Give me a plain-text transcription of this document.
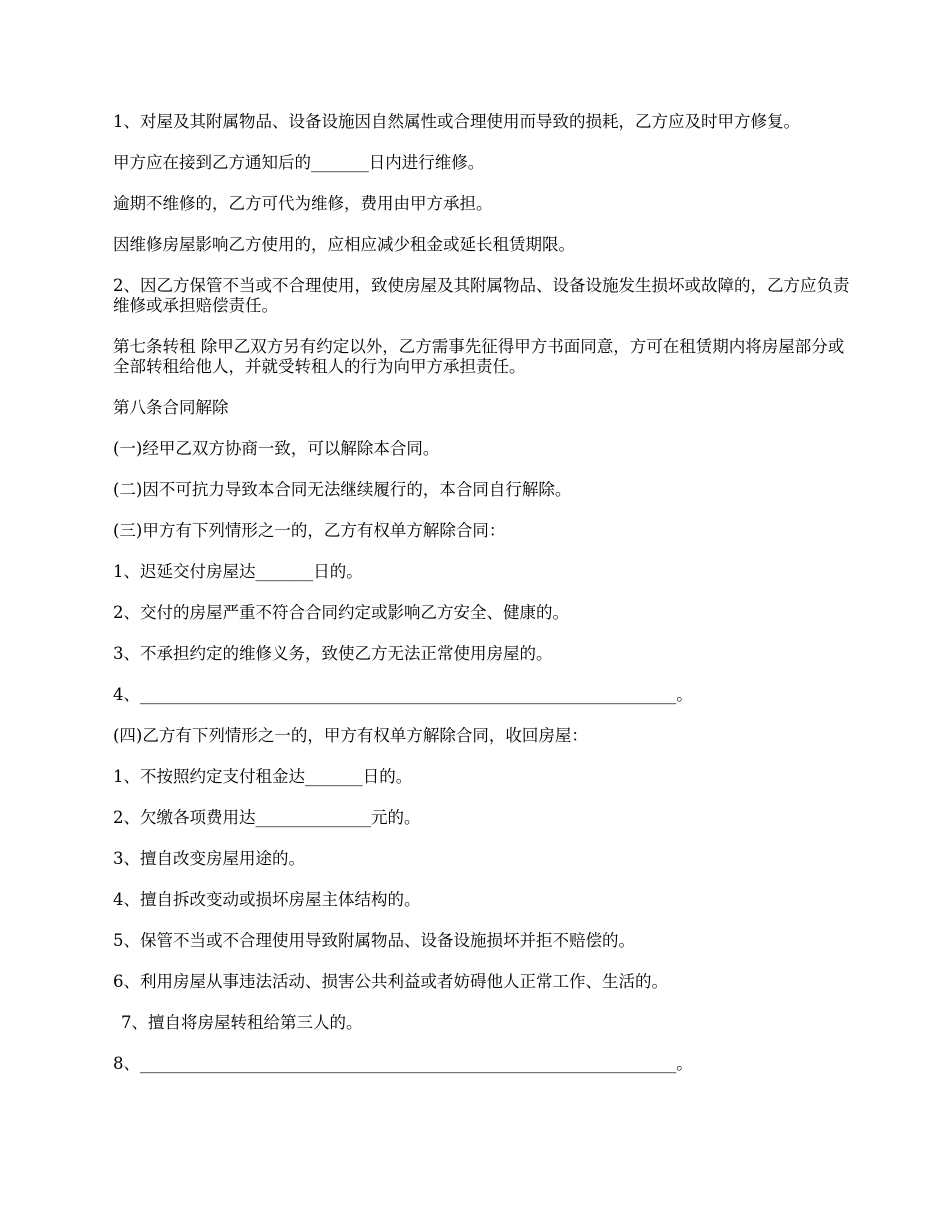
1、对屋及其附属物品、设备设施因自然属性或合理使用而导致的损耗，乙方应及时甲方修复。

甲方应在接到乙方通知后的_______日内进行维修。

逾期不维修的，乙方可代为维修，费用由甲方承担。

因维修房屋影响乙方使用的，应相应减少租金或延长租赁期限。

2、因乙方保管不当或不合理使用，致使房屋及其附属物品、设备设施发生损坏或故障的，乙方应负责维修或承担赔偿责任。

第七条转租 除甲乙双方另有约定以外，乙方需事先征得甲方书面同意，方可在租赁期内将房屋部分或全部转租给他人，并就受转租人的行为向甲方承担责任。

第八条合同解除

(一)经甲乙双方协商一致，可以解除本合同。

(二)因不可抗力导致本合同无法继续履行的，本合同自行解除。

(三)甲方有下列情形之一的，乙方有权单方解除合同：

1、迟延交付房屋达_______日的。

2、交付的房屋严重不符合合同约定或影响乙方安全、健康的。

3、不承担约定的维修义务，致使乙方无法正常使用房屋的。

4、_________________________________________________________________。

(四)乙方有下列情形之一的，甲方有权单方解除合同，收回房屋：

1、不按照约定支付租金达_______日的。

2、欠缴各项费用达______________元的。

3、擅自改变房屋用途的。

4、擅自拆改变动或损坏房屋主体结构的。

5、保管不当或不合理使用导致附属物品、设备设施损坏并拒不赔偿的。

6、利用房屋从事违法活动、损害公共利益或者妨碍他人正常工作、生活的。

7、擅自将房屋转租给第三人的。

8、_________________________________________________________________。
